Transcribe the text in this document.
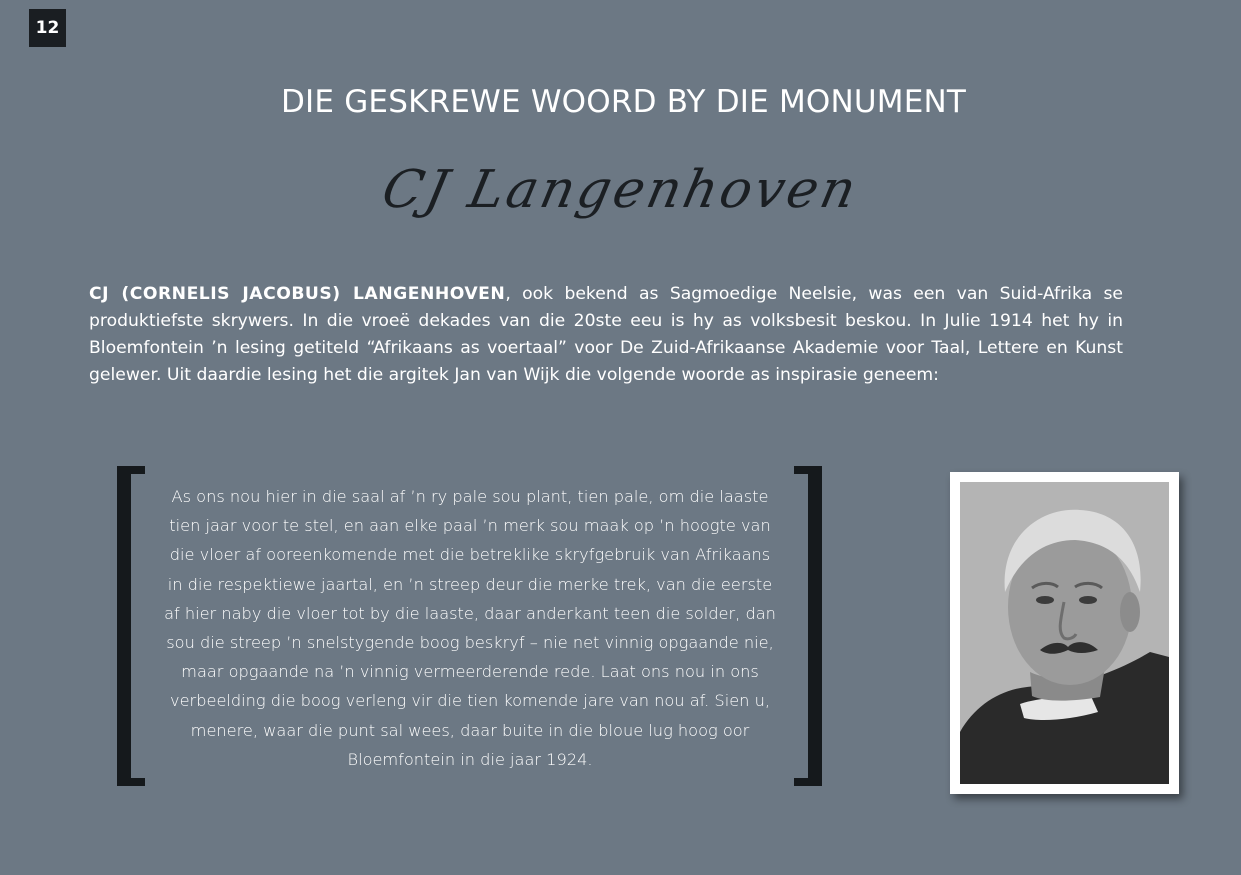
12
DIE GESKREWE WOORD BY DIE MONUMENT
CJ Langenhoven

CJ (CORNELIS JACOBUS) LANGENHOVEN, ook bekend as Sagmoedige Neelsie, was een van Suid-Afrika se produktiefste skrywers. In die vroeë dekades van die 20ste eeu is hy as volksbesit beskou. In Julie 1914 het hy in Bloemfontein ’n lesing getiteld “Afrikaans as voertaal” voor De Zuid-Afrikaanse Akademie voor Taal, Lettere en Kunst gelewer. Uit daardie lesing het die argitek Jan van Wijk die volgende woorde as inspirasie geneem:

As ons nou hier in die saal af ’n ry pale sou plant, tien pale, om die laaste tien jaar voor te stel, en aan elke paal ’n merk sou maak op ’n hoogte van die vloer af ooreenkomende met die betreklike skryfgebruik van Afrikaans in die respektiewe jaartal, en ’n streep deur die merke trek, van die eerste af hier naby die vloer tot by die laaste, daar anderkant teen die solder, dan sou die streep ’n snelstygende boog beskryf – nie net vinnig opgaande nie, maar opgaande na ’n vinnig vermeerderende rede. Laat ons nou in ons verbeelding die boog verleng vir die tien komende jare van nou af. Sien u, menere, waar die punt sal wees, daar buite in die bloue lug hoog oor Bloemfontein in die jaar 1924.
